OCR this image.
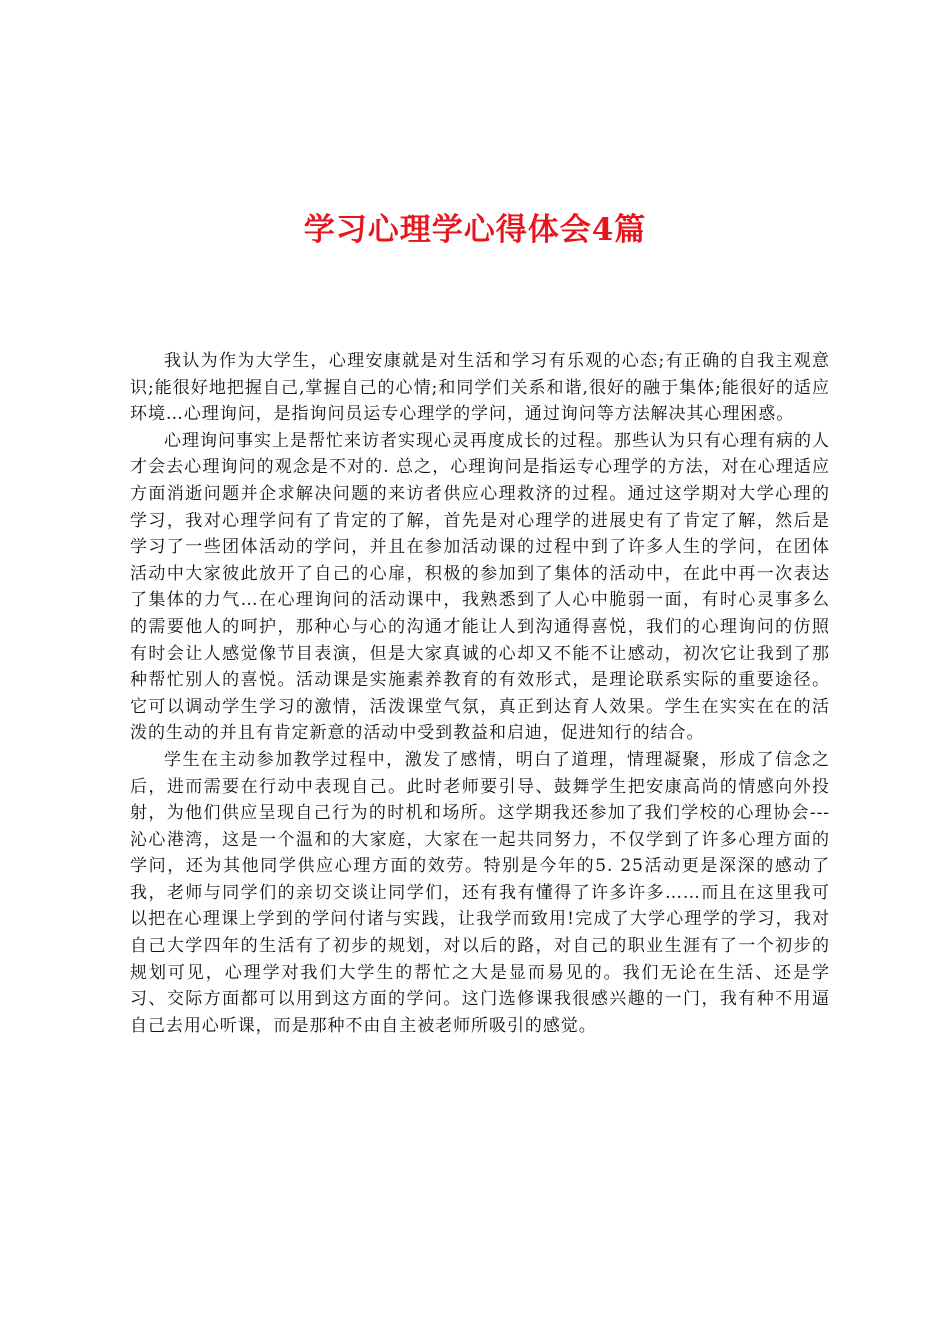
学习心理学心得体会4篇

我认为作为大学生，心理安康就是对生活和学习有乐观的心态;有正确的自我主观意识;能很好地把握自己,掌握自己的心情;和同学们关系和谐,很好的融于集体;能很好的适应环境…心理询问，是指询问员运专心理学的学问，通过询问等方法解决其心理困惑。

心理询问事实上是帮忙来访者实现心灵再度成长的过程。那些认为只有心理有病的人才会去心理询问的观念是不对的. 总之，心理询问是指运专心理学的方法，对在心理适应方面消逝问题并企求解决问题的来访者供应心理救济的过程。通过这学期对大学心理的学习，我对心理学问有了肯定的了解，首先是对心理学的进展史有了肯定了解，然后是学习了一些团体活动的学问，并且在参加活动课的过程中到了许多人生的学问，在团体活动中大家彼此放开了自己的心扉，积极的参加到了集体的活动中，在此中再一次表达了集体的力气…在心理询问的活动课中，我熟悉到了人心中脆弱一面，有时心灵事多么的需要他人的呵护，那种心与心的沟通才能让人到沟通得喜悦，我们的心理询问的仿照有时会让人感觉像节目表演，但是大家真诚的心却又不能不让感动，初次它让我到了那种帮忙别人的喜悦。活动课是实施素养教育的有效形式，是理论联系实际的重要途径。它可以调动学生学习的激情，活泼课堂气氛，真正到达育人效果。学生在实实在在的活泼的生动的并且有肯定新意的活动中受到教益和启迪，促进知行的结合。

学生在主动参加教学过程中，激发了感情，明白了道理，情理凝聚，形成了信念之后，进而需要在行动中表现自己。此时老师要引导、鼓舞学生把安康高尚的情感向外投射，为他们供应呈现自己行为的时机和场所。这学期我还参加了我们学校的心理协会---沁心港湾，这是一个温和的大家庭，大家在一起共同努力，不仅学到了许多心理方面的学问，还为其他同学供应心理方面的效劳。特别是今年的5. 25活动更是深深的感动了我，老师与同学们的亲切交谈让同学们，还有我有懂得了许多许多……而且在这里我可以把在心理课上学到的学问付诸与实践，让我学而致用!完成了大学心理学的学习，我对自己大学四年的生活有了初步的规划，对以后的路，对自己的职业生涯有了一个初步的规划可见，心理学对我们大学生的帮忙之大是显而易见的。我们无论在生活、还是学习、交际方面都可以用到这方面的学问。这门选修课我很感兴趣的一门，我有种不用逼自己去用心听课，而是那种不由自主被老师所吸引的感觉。
